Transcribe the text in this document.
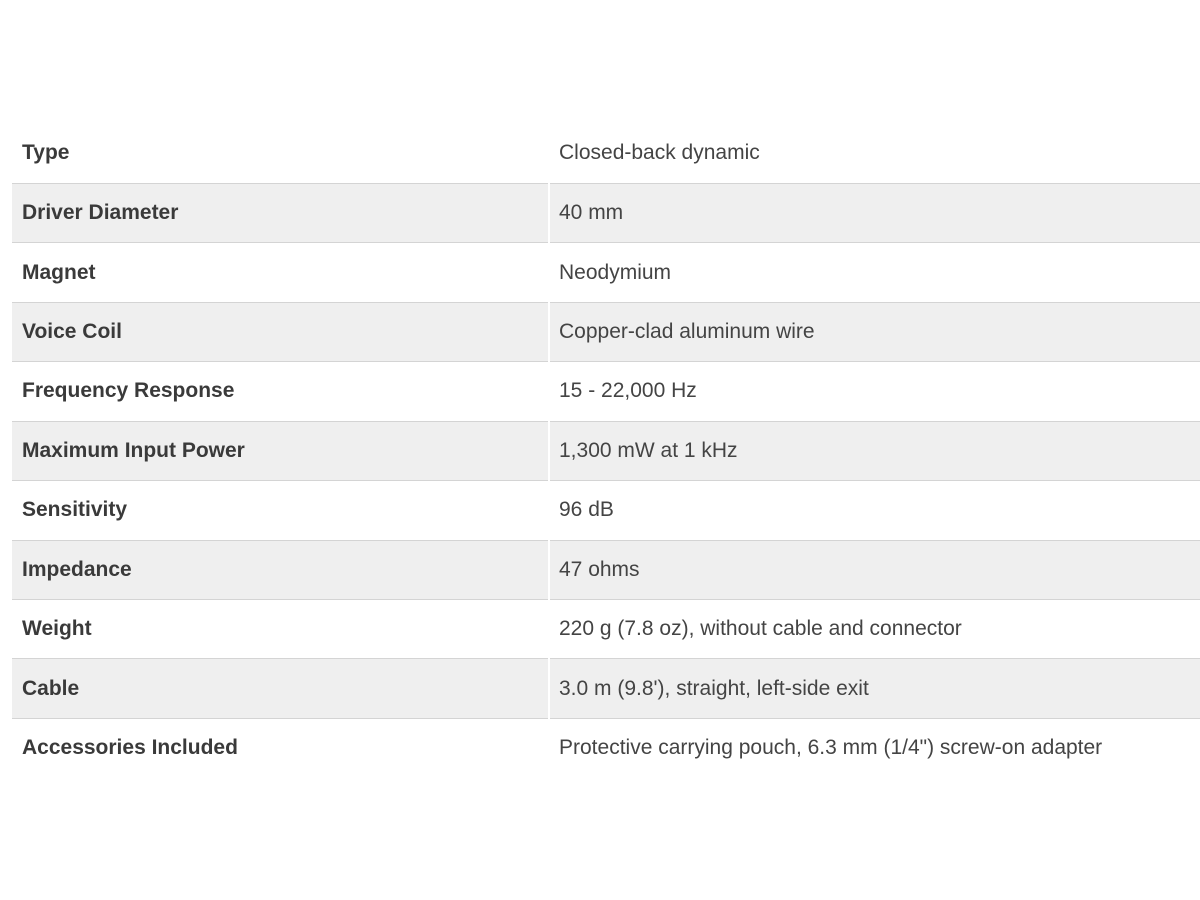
Type	Closed-back dynamic
Driver Diameter	40 mm
Magnet	Neodymium
Voice Coil	Copper-clad aluminum wire
Frequency Response	15 - 22,000 Hz
Maximum Input Power	1,300 mW at 1 kHz
Sensitivity	96 dB
Impedance	47 ohms
Weight	220 g (7.8 oz), without cable and connector
Cable	3.0 m (9.8'), straight, left-side exit
Accessories Included	Protective carrying pouch, 6.3 mm (1/4") screw-on adapter
